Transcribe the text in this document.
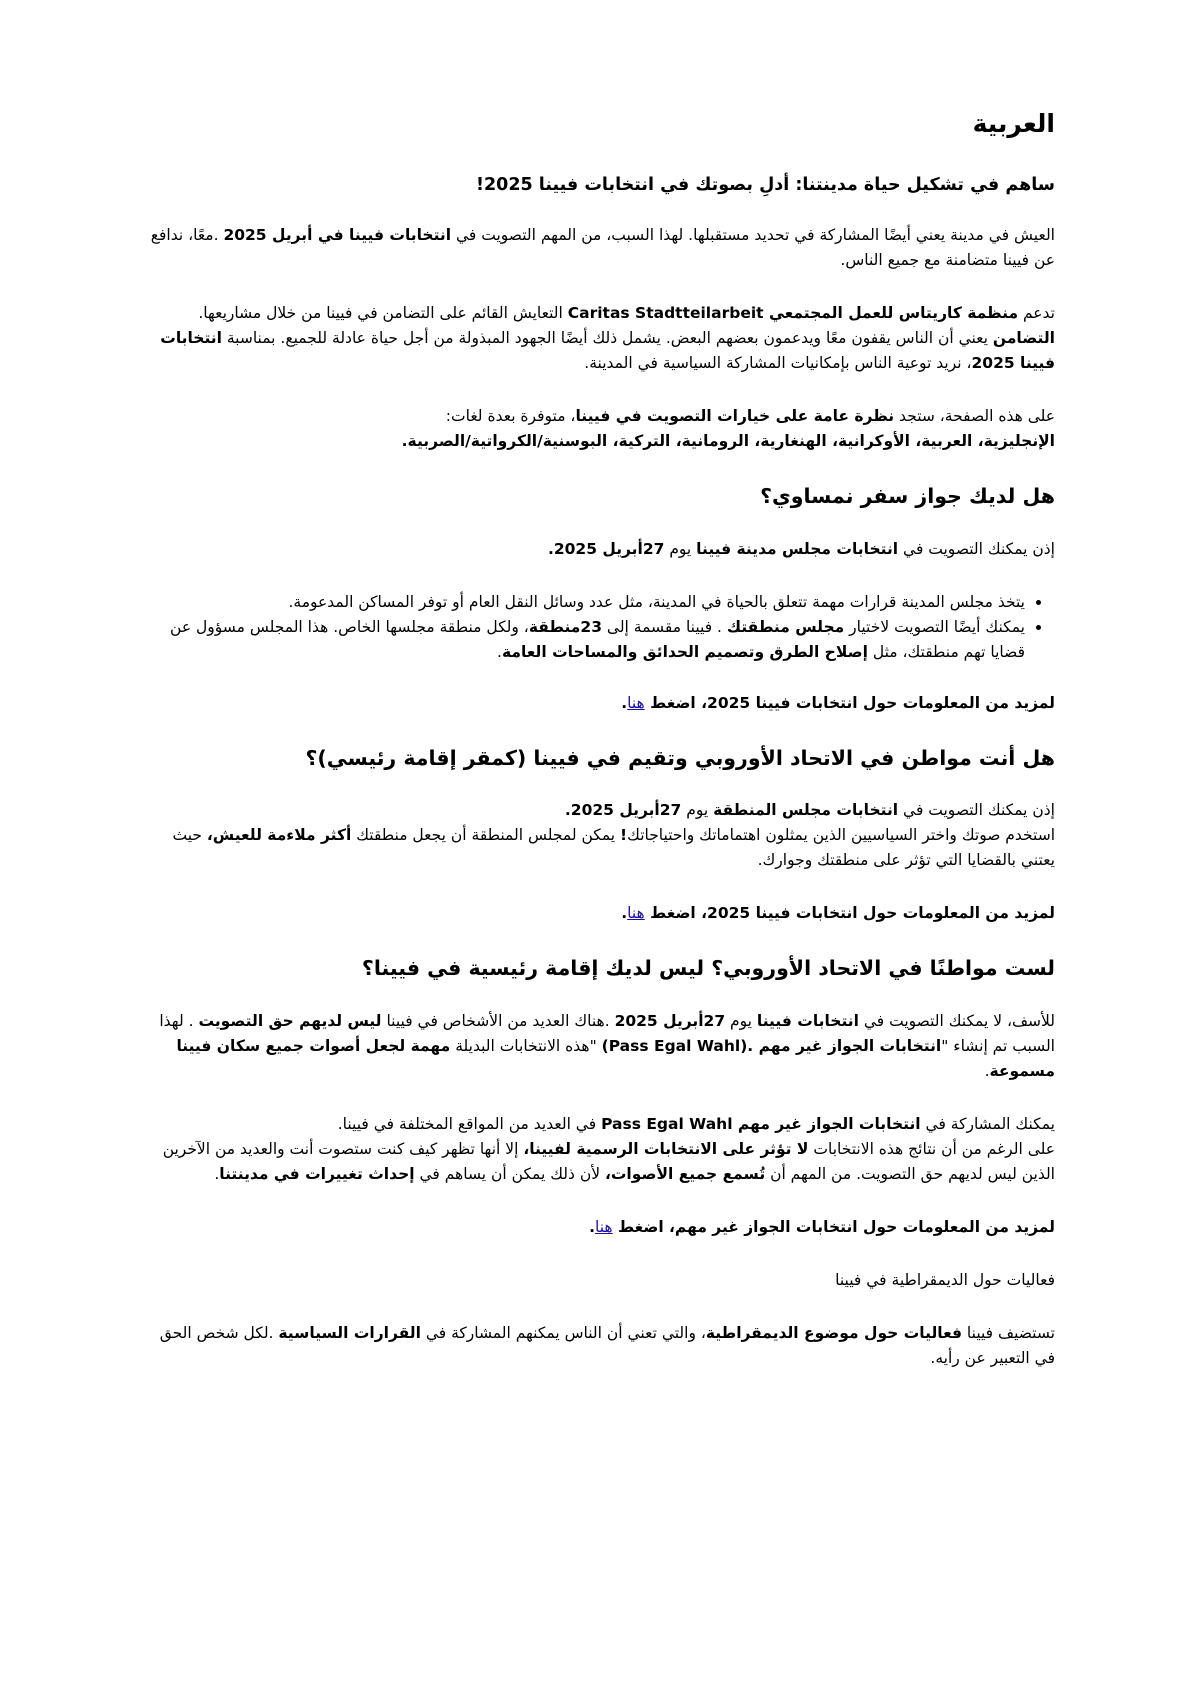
العربية
ساهم في تشكيل حياة مدينتنا: أدلِ بصوتك في انتخابات فيينا 2025!

العيش في مدينة يعني أيضًا المشاركة في تحديد مستقبلها. لهذا السبب، من المهم التصويت في انتخابات فيينا في أبريل 2025 .معًا، ندافع عن فيينا متضامنة مع جميع الناس.

تدعم منظمة كاريتاس للعمل المجتمعي Caritas Stadtteilarbeit التعايش القائم على التضامن في فيينا من خلال مشاريعها. التضامن يعني أن الناس يقفون معًا ويدعمون بعضهم البعض. يشمل ذلك أيضًا الجهود المبذولة من أجل حياة عادلة للجميع. بمناسبة انتخابات فيينا 2025، نريد توعية الناس بإمكانيات المشاركة السياسية في المدينة.

على هذه الصفحة، ستجد نظرة عامة على خيارات التصويت في فيينا، متوفرة بعدة لغات:
الإنجليزية، العربية، الأوكرانية، الهنغارية، الرومانية، التركية، البوسنية/الكرواتية/الصربية.

هل لديك جواز سفر نمساوي؟

إذن يمكنك التصويت في انتخابات مجلس مدينة فيينا يوم 27أبريل 2025.

• يتخذ مجلس المدينة قرارات مهمة تتعلق بالحياة في المدينة، مثل عدد وسائل النقل العام أو توفر المساكن المدعومة.
• يمكنك أيضًا التصويت لاختيار مجلس منطقتك . فيينا مقسمة إلى 23منطقة، ولكل منطقة مجلسها الخاص. هذا المجلس مسؤول عن قضايا تهم منطقتك، مثل إصلاح الطرق وتصميم الحدائق والمساحات العامة.

لمزيد من المعلومات حول انتخابات فيينا 2025، اضغط هنا.

هل أنت مواطن في الاتحاد الأوروبي وتقيم في فيينا (كمقر إقامة رئيسي)؟

إذن يمكنك التصويت في انتخابات مجلس المنطقة يوم 27أبريل 2025.
استخدم صوتك واختر السياسيين الذين يمثلون اهتماماتك واحتياجاتك! يمكن لمجلس المنطقة أن يجعل منطقتك أكثر ملاءمة للعيش، حيث يعتني بالقضايا التي تؤثر على منطقتك وجوارك.

لمزيد من المعلومات حول انتخابات فيينا 2025، اضغط هنا.

لست مواطنًا في الاتحاد الأوروبي؟ ليس لديك إقامة رئيسية في فيينا؟

للأسف، لا يمكنك التصويت في انتخابات فيينا يوم 27أبريل 2025 .هناك العديد من الأشخاص في فيينا ليس لديهم حق التصويت . لهذا السبب تم إنشاء "انتخابات الجواز غير مهم .(Pass Egal Wahl) "هذه الانتخابات البديلة مهمة لجعل أصوات جميع سكان فيينا مسموعة.

يمكنك المشاركة في انتخابات الجواز غير مهم Pass Egal Wahl في العديد من المواقع المختلفة في فيينا.
على الرغم من أن نتائج هذه الانتخابات لا تؤثر على الانتخابات الرسمية لفيينا، إلا أنها تظهر كيف كنت ستصوت أنت والعديد من الآخرين الذين ليس لديهم حق التصويت. من المهم أن تُسمع جميع الأصوات، لأن ذلك يمكن أن يساهم في إحداث تغييرات في مدينتنا.

لمزيد من المعلومات حول انتخابات الجواز غير مهم، اضغط هنا.

فعاليات حول الديمقراطية في فيينا

تستضيف فيينا فعاليات حول موضوع الديمقراطية، والتي تعني أن الناس يمكنهم المشاركة في القرارات السياسية .لكل شخص الحق في التعبير عن رأيه.
